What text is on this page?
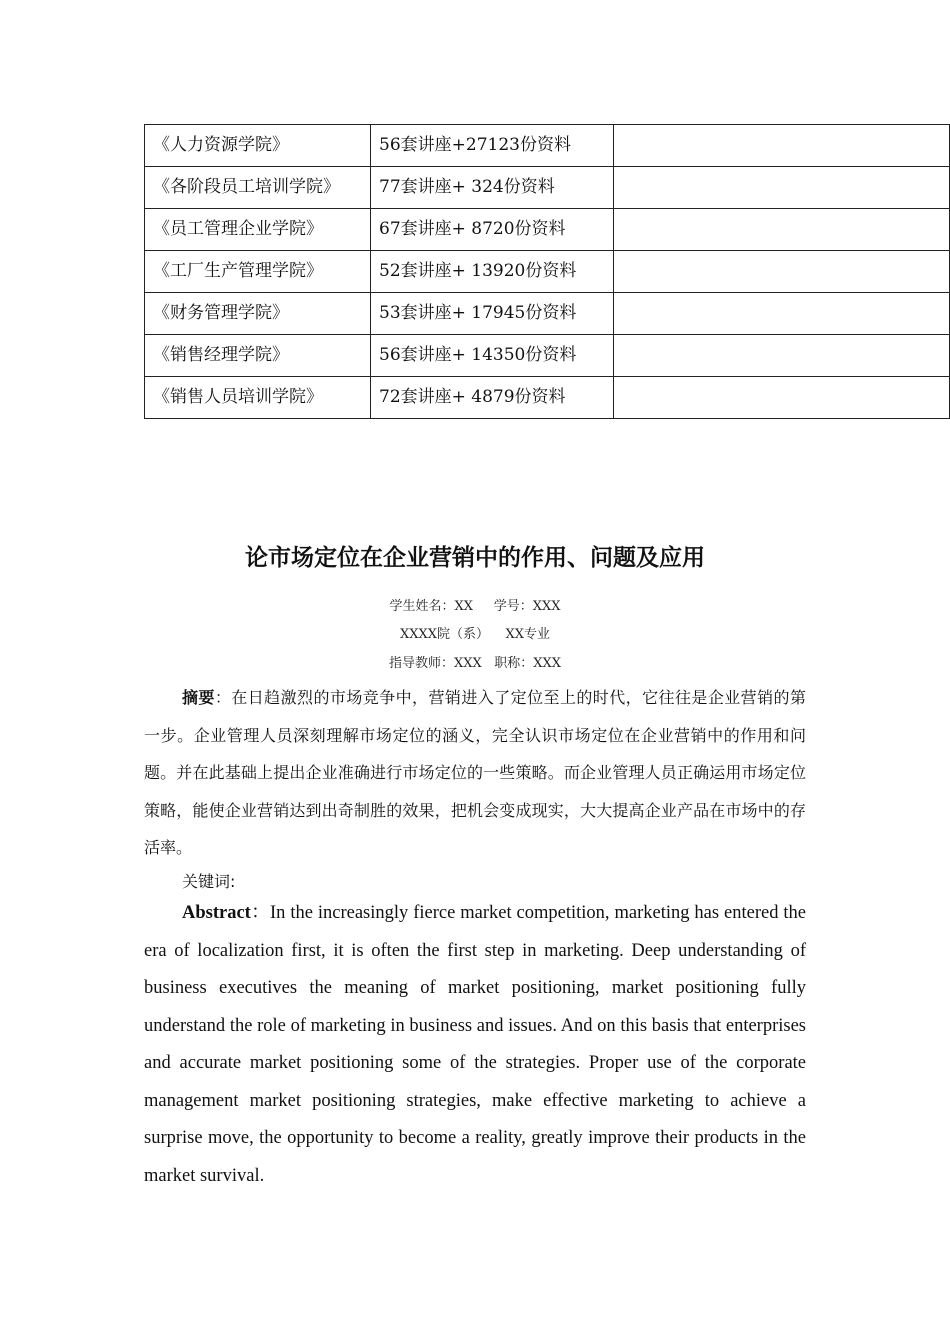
《人力资源学院》	56套讲座+27123份资料	
《各阶段员工培训学院》	77套讲座+ 324份资料	
《员工管理企业学院》	67套讲座+ 8720份资料	
《工厂生产管理学院》	52套讲座+ 13920份资料	
《财务管理学院》	53套讲座+ 17945份资料	
《销售经理学院》	56套讲座+ 14350份资料	
《销售人员培训学院》	72套讲座+ 4879份资料	
论市场定位在企业营销中的作用、问题及应用
学生姓名：XX 学号：XXX
XXXX院（系） XX专业
指导教师：XXX 职称：XXX

摘要：在日趋激烈的市场竞争中，营销进入了定位至上的时代，它往往是企业营销的第一步。企业管理人员深刻理解市场定位的涵义，完全认识市场定位在企业营销中的作用和问题。并在此基础上提出企业准确进行市场定位的一些策略。而企业管理人员正确运用市场定位策略，能使企业营销达到出奇制胜的效果，把机会变成现实，大大提高企业产品在市场中的存活率。

关键词:

Abstract：In the increasingly fierce market competition, marketing has entered the era of localization first, it is often the first step in marketing. Deep understanding of business executives the meaning of market positioning, market positioning fully understand the role of marketing in business and issues. And on this basis that enterprises and accurate market positioning some of the strategies. Proper use of the corporate management market positioning strategies, make effective marketing to achieve a surprise move, the opportunity to become a reality, greatly improve their products in the market survival.
